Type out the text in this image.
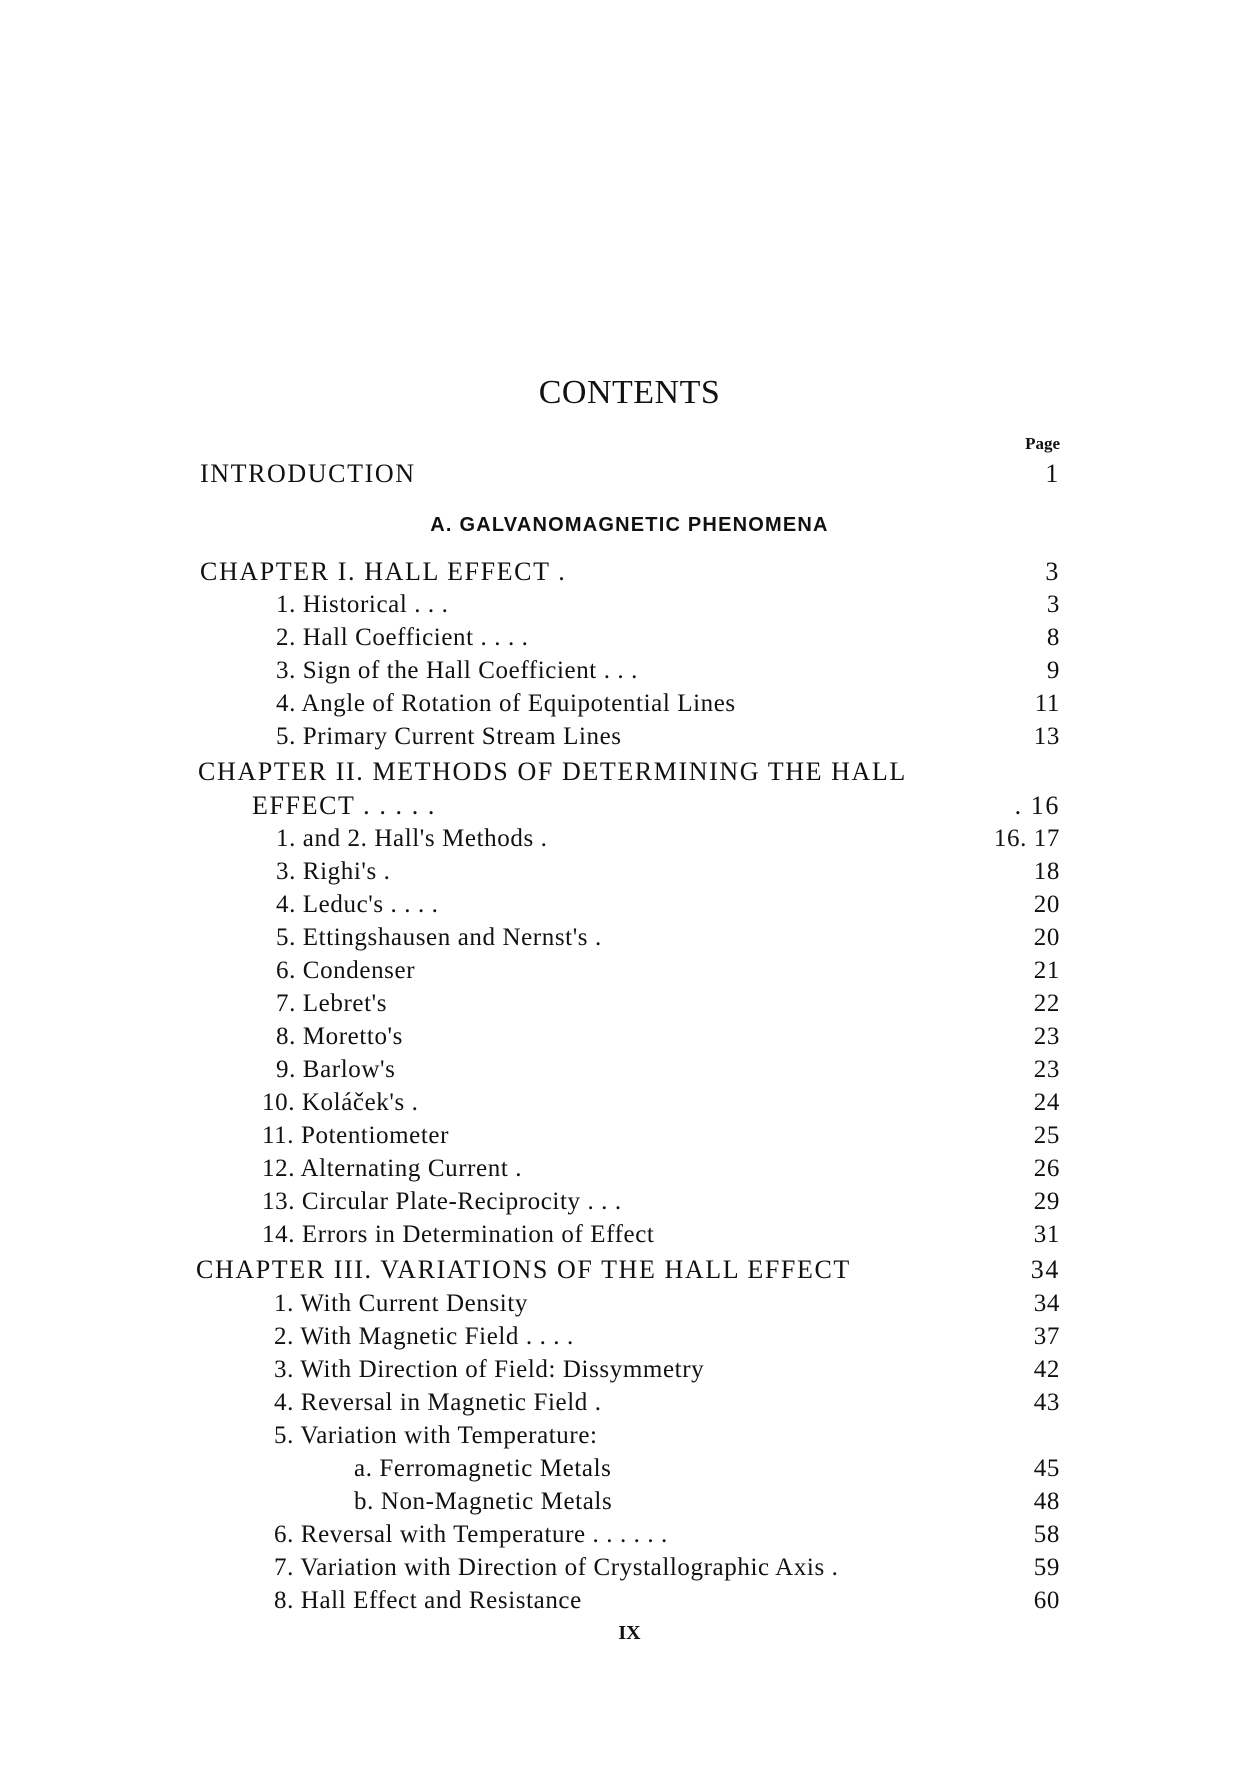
CONTENTS
Page
INTRODUCTION	1
A. GALVANOMAGNETIC PHENOMENA
CHAPTER I. HALL EFFECT .	3
1. Historical . . .	3
2. Hall Coefficient . . . .	8
3. Sign of the Hall Coefficient . . .	9
4. Angle of Rotation of Equipotential Lines	11
5. Primary Current Stream Lines	13
CHAPTER II. METHODS OF DETERMINING THE HALL
EFFECT . . . . .	. 16
1. and 2. Hall's Methods .	16. 17
3. Righi's .	18
4. Leduc's . . . .	20
5. Ettingshausen and Nernst's .	20
6. Condenser	21
7. Lebret's	22
8. Moretto's	23
9. Barlow's	23
10. Koláček's .	24
11. Potentiometer	25
12. Alternating Current .	26
13. Circular Plate-Reciprocity . . .	29
14. Errors in Determination of Effect	31
CHAPTER III. VARIATIONS OF THE HALL EFFECT	34
1. With Current Density	34
2. With Magnetic Field . . . .	37
3. With Direction of Field: Dissymmetry	42
4. Reversal in Magnetic Field .	43
5. Variation with Temperature:
a. Ferromagnetic Metals	45
b. Non-Magnetic Metals	48
6. Reversal with Temperature . . . . . .	58
7. Variation with Direction of Crystallographic Axis .	59
8. Hall Effect and Resistance	60
IX
